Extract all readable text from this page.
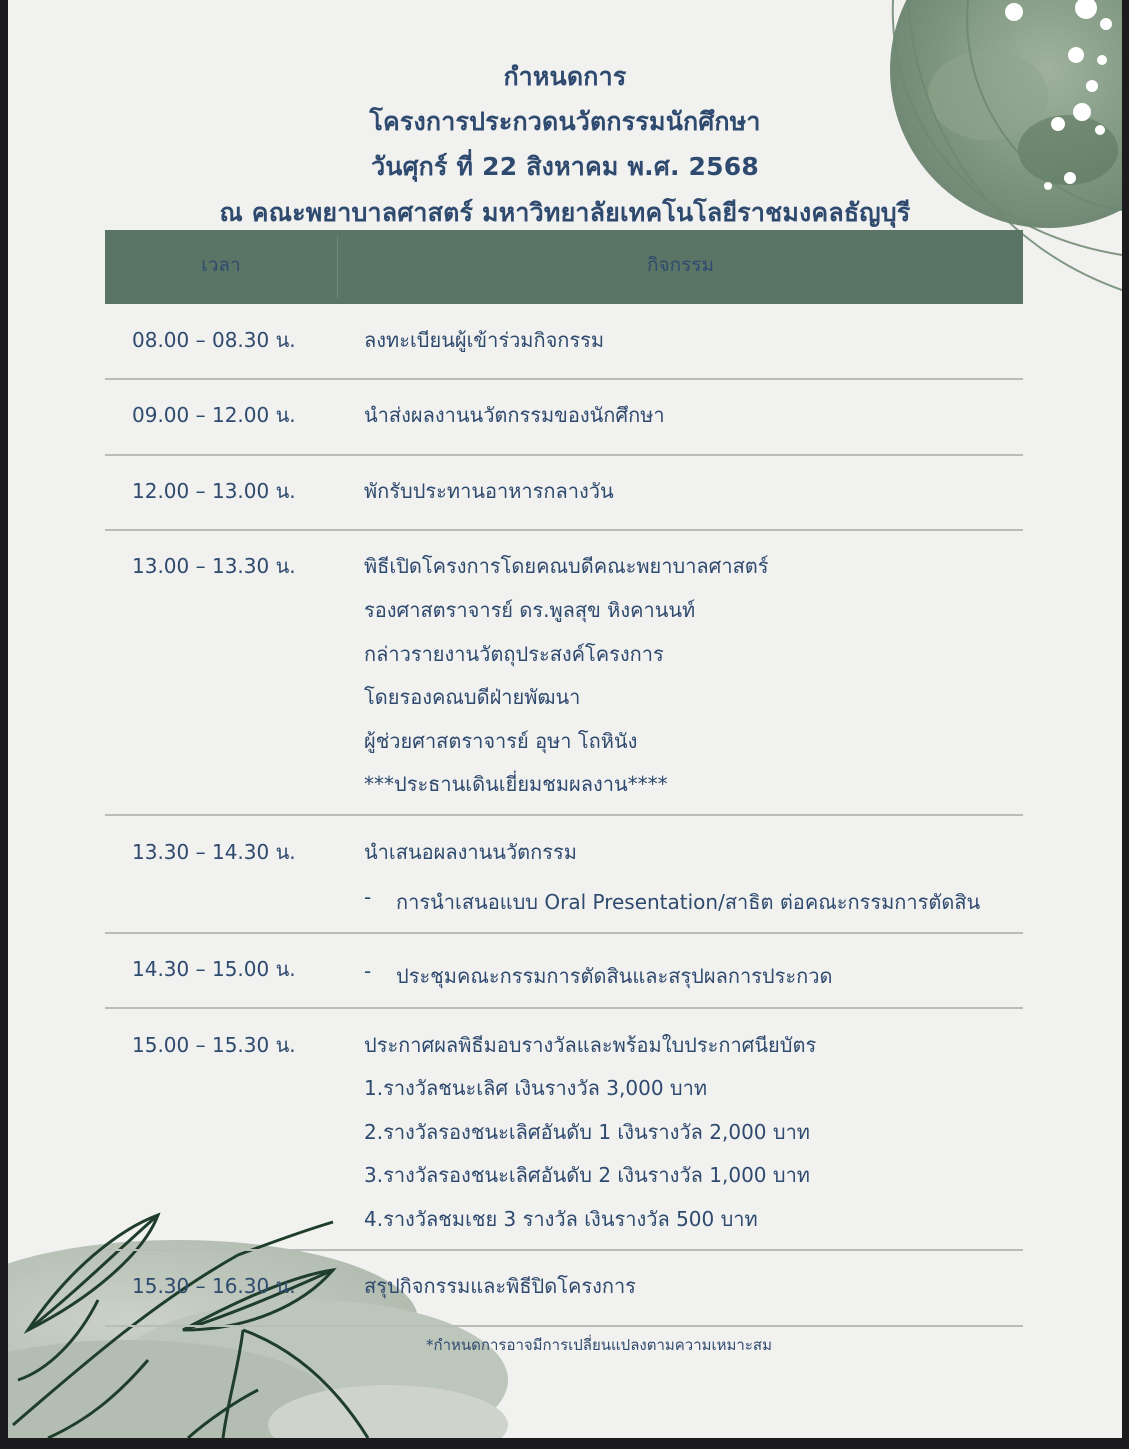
กำหนดการ
โครงการประกวดนวัตกรรมนักศึกษา
วันศุกร์ ที่ 22 สิงหาคม พ.ศ. 2568
ณ คณะพยาบาลศาสตร์ มหาวิทยาลัยเทคโนโลยีราชมงคลธัญบุรี
เวลา	กิจกรรม
08.00 – 08.30 น.	ลงทะเบียนผู้เข้าร่วมกิจกรรม
09.00 – 12.00 น.	นำส่งผลงานนวัตกรรมของนักศึกษา
12.00 – 13.00 น.	พักรับประทานอาหารกลางวัน
13.00 – 13.30 น.	พิธีเปิดโครงการโดยคณบดีคณะพยาบาลศาสตร์
รองศาสตราจารย์ ดร.พูลสุข หิงคานนท์
กล่าวรายงานวัตถุประสงค์โครงการ
โดยรองคณบดีฝ่ายพัฒนา
ผู้ช่วยศาสตราจารย์ อุษา โถหินัง
***ประธานเดินเยี่ยมชมผลงาน****
13.30 – 14.30 น.	นำเสนอผลงานนวัตกรรม
- การนำเสนอแบบ Oral Presentation/สาธิต ต่อคณะกรรมการตัดสิน
14.30 – 15.00 น.	- ประชุมคณะกรรมการตัดสินและสรุปผลการประกวด
15.00 – 15.30 น.	ประกาศผลพิธีมอบรางวัลและพร้อมใบประกาศนียบัตร
1.รางวัลชนะเลิศ เงินรางวัล 3,000 บาท
2.รางวัลรองชนะเลิศอันดับ 1 เงินรางวัล 2,000 บาท
3.รางวัลรองชนะเลิศอันดับ 2 เงินรางวัล 1,000 บาท
4.รางวัลชมเชย 3 รางวัล เงินรางวัล 500 บาท
15.30 – 16.30 น.	สรุปกิจกรรมและพิธีปิดโครงการ
*กำหนดการอาจมีการเปลี่ยนแปลงตามความเหมาะสม
